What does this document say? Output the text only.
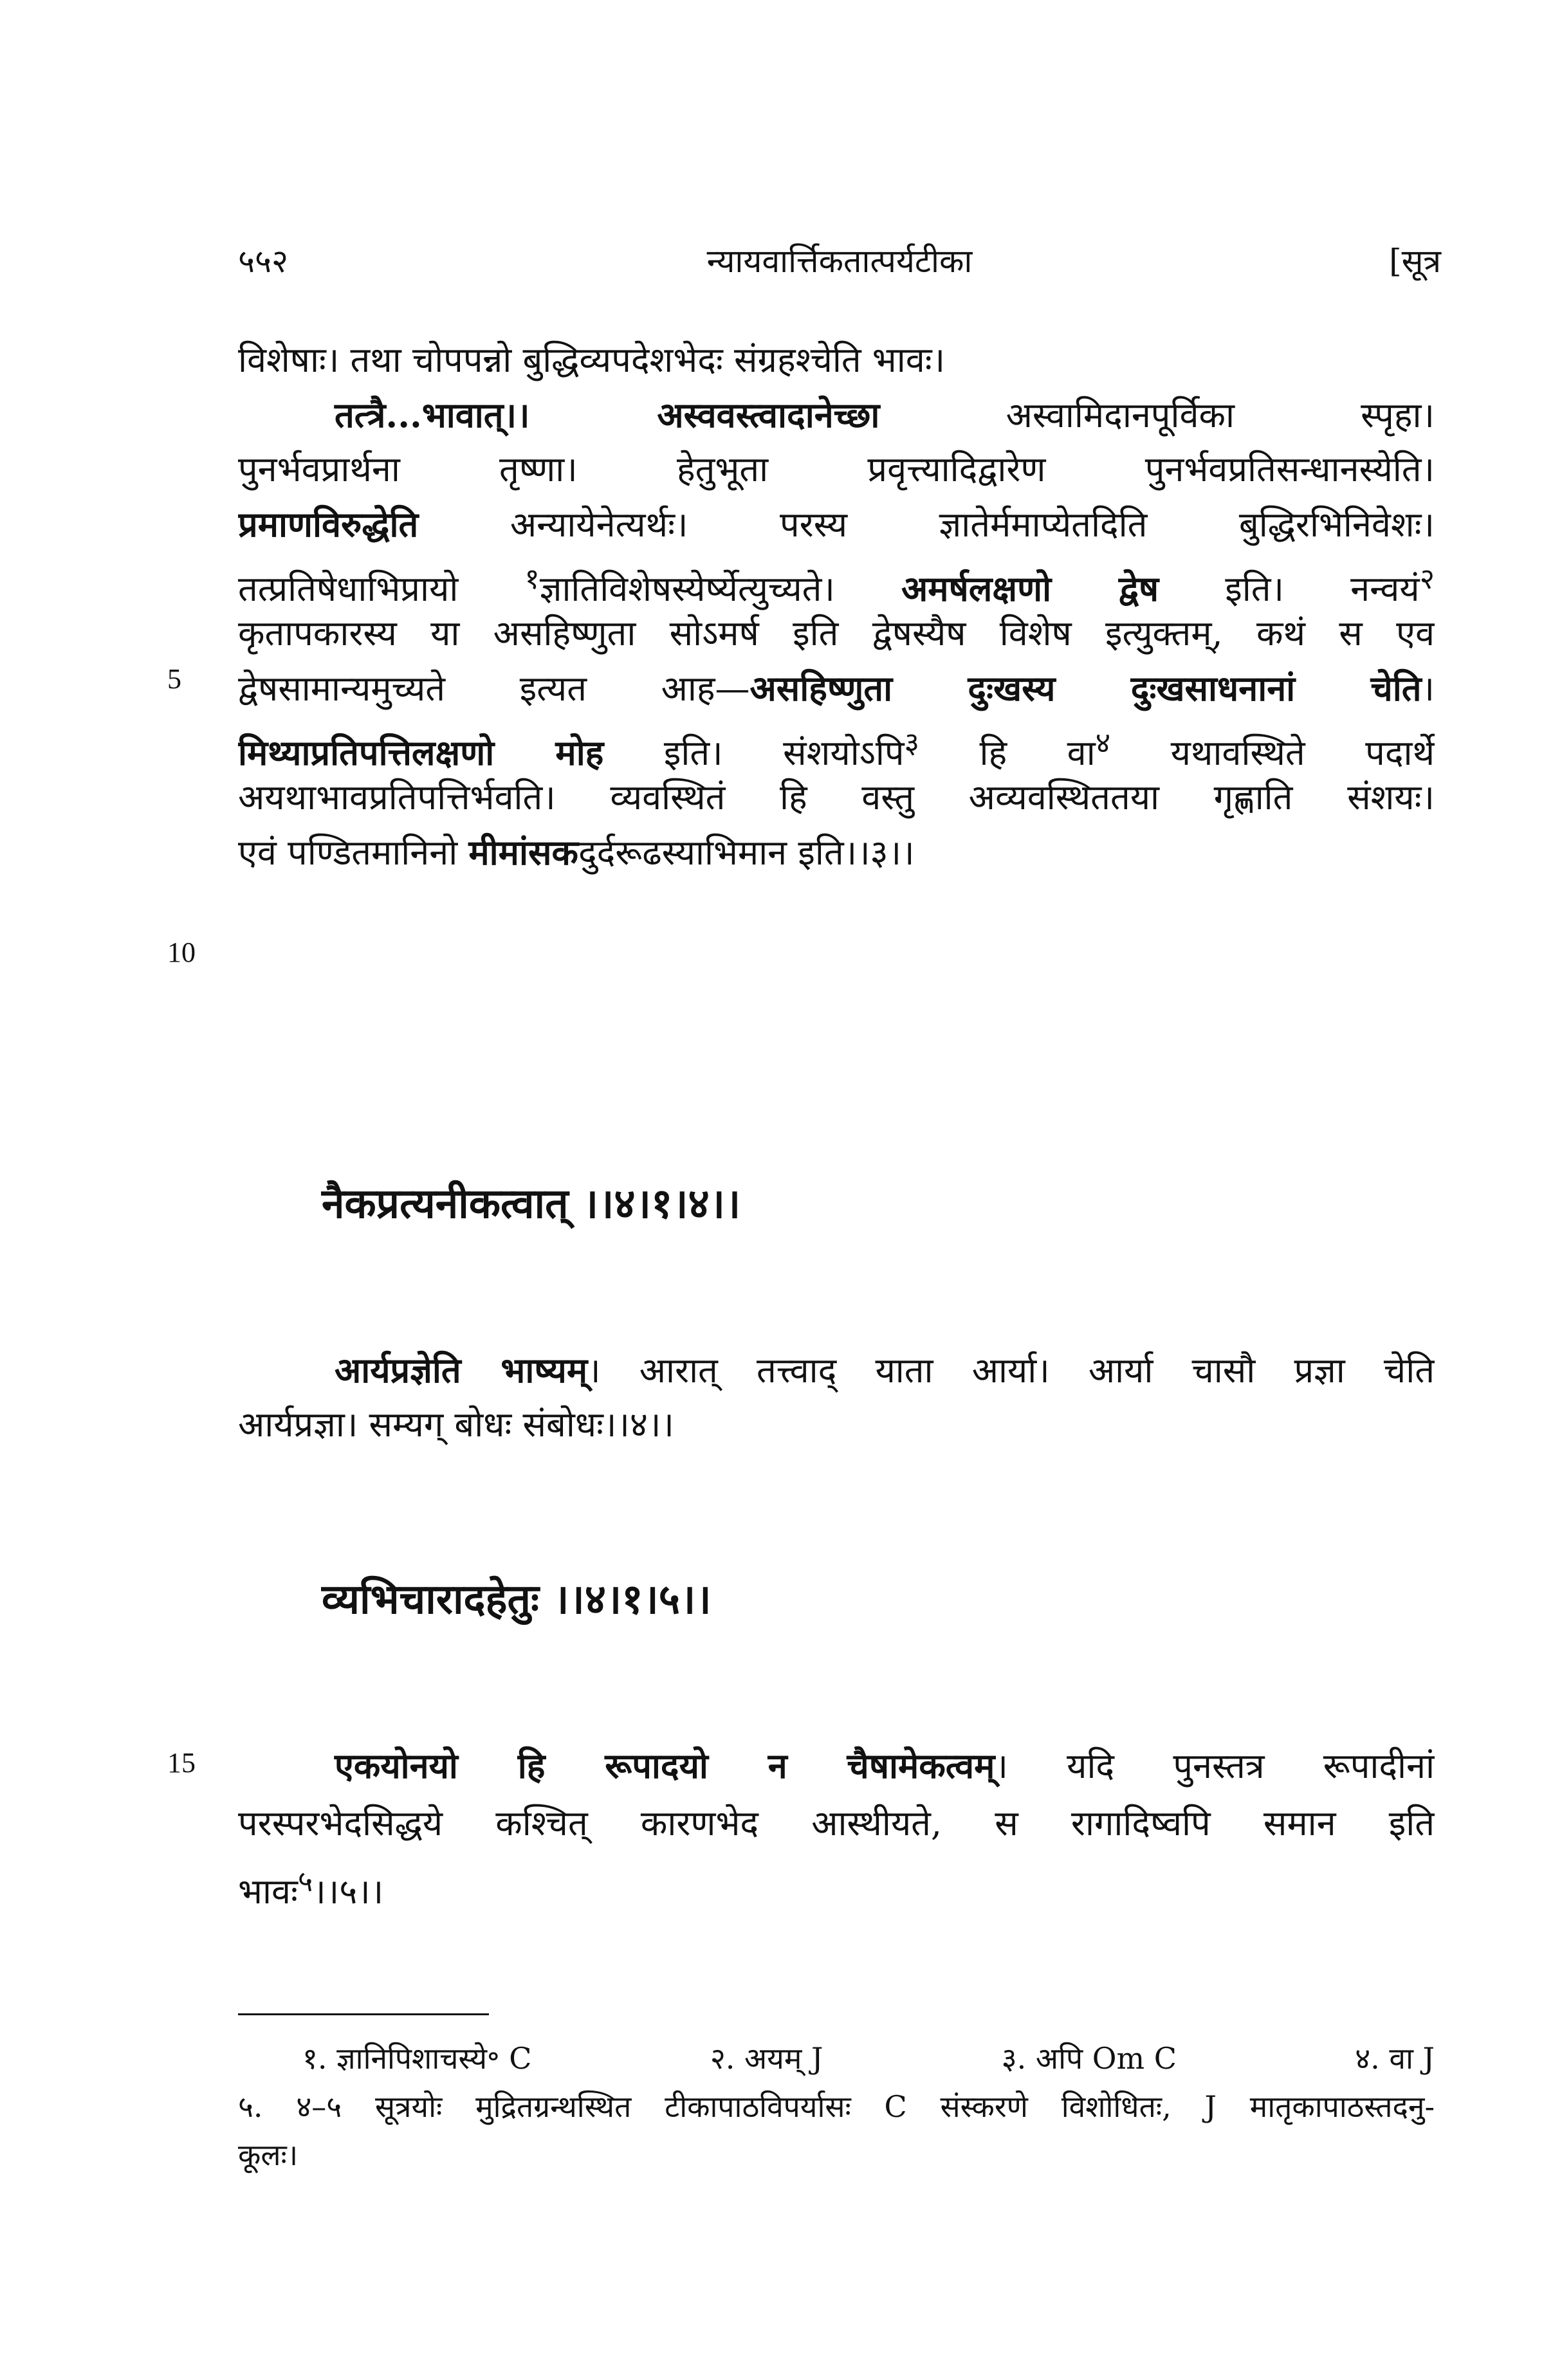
५५२	न्यायवार्त्तिकतात्पर्यटीका	[सूत्र
विशेषाः। तथा चोपपन्नो बुद्धिव्यपदेशभेदः संग्रहश्चेति भावः।
तत्त्रै...भावात्।। अस्ववस्त्वादानेच्छा अस्वामिदानपूर्विका स्पृहा।
पुनर्भवप्रार्थना तृष्णा। हेतुभूता प्रवृत्त्यादिद्वारेण पुनर्भवप्रतिसन्धानस्येति।
प्रमाणविरुद्धेति अन्यायेनेत्यर्थः। परस्य ज्ञातेर्ममाप्येतदिति बुद्धिरभिनिवेशः।
तत्प्रतिषेधाभिप्रायो $^१$ज्ञातिविशेषस्येर्ष्येत्युच्यते। अमर्षलक्षणो द्वेष इति। नन्वयं$^२$
कृतापकारस्य या असहिष्णुता सोऽमर्ष इति द्वेषस्यैष विशेष इत्युक्तम्, कथं स एव
द्वेषसामान्यमुच्यते इत्यत आह—असहिष्णुता दुःखस्य दुःखसाधनानां चेति।
मिथ्याप्रतिपत्तिलक्षणो मोह इति। संशयोऽपि$^३$ हि वा$^४$ यथावस्थिते पदार्थे
अयथाभावप्रतिपत्तिर्भवति। व्यवस्थितं हि वस्तु अव्यवस्थिततया गृह्णाति संशयः।
एवं पण्डितमानिनो मीमांसकदुर्दरूढस्याभिमान इति।।३।।
5
10
नैकप्रत्यनीकत्वात् ।।४।१।४।।
आर्यप्रज्ञेति भाष्यम्। आरात् तत्त्वाद् याता आर्या। आर्या चासौ प्रज्ञा चेति
आर्यप्रज्ञा। सम्यग् बोधः संबोधः।।४।।
व्यभिचारादहेतुः ।।४।१।५।।
15	एकयोनयो हि रूपादयो न चैषामेकत्वम्। यदि पुनस्तत्र रूपादीनां
परस्परभेदसिद्धये कश्चित् कारणभेद आस्थीयते, स रागादिष्वपि समान इति
भावः$^५$।।५।।
१. ज्ञानिपिशाचस्ये॰ C	२. अयम् J	३. अपि Om C	४. वा J
५. ४–५ सूत्रयोः मुद्रितग्रन्थस्थित टीकापाठविपर्यासः C संस्करणे विशोधितः, J मातृकापाठस्तदनु-
कूलः।
